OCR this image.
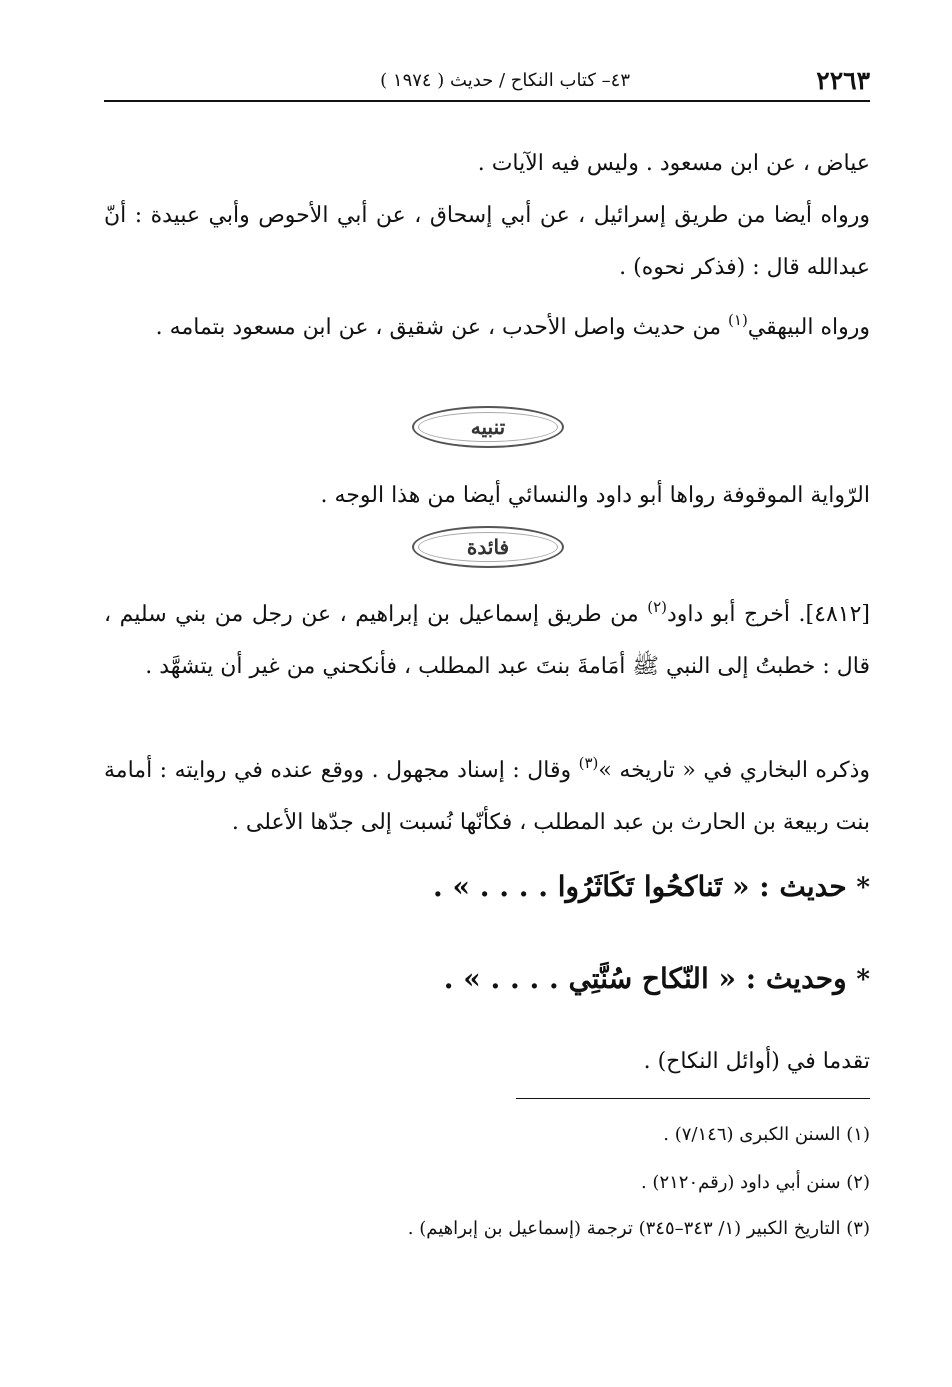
٢٢٦٣
٤٣– كتاب النكاح / حديث ( ١٩٧٤ )
عياض ، عن ابن مسعود . وليس فيه الآيات .
ورواه أيضا من طريق إسرائيل ، عن أبي إسحاق ، عن أبي الأحوص وأبي عبيدة : أنّ عبدالله قال : (فذكر نحوه) .
ورواه البيهقي$^{(١)}$ من حديث واصل الأحدب ، عن شقيق ، عن ابن مسعود بتمامه .
تنبيه
الرّواية الموقوفة رواها أبو داود والنسائي أيضا من هذا الوجه .
فائدة
[٤٨١٢]. أخرج أبو داود$^{(٢)}$ من طريق إسماعيل بن إبراهيم ، عن رجل من بني سليم ، قال : خطبتُ إلى النبي ﷺ أمَامةَ بنتَ عبد المطلب ، فأنكحني من غير أن يتشهَّد .
وذكره البخاري في « تاريخه »$^{(٣)}$ وقال : إسناد مجهول . ووقع عنده في روايته : أمامة بنت ربيعة بن الحارث بن عبد المطلب ، فكأنّها نُسبت إلى جدّها الأعلى .
* حديث : « تَناكحُوا تَكَاثَرُوا . . . . » .
* وحديث : « النّكاح سُنَّتِي . . . . » .
تقدما في (أوائل النكاح) .
(١) السنن الكبرى (٧/١٤٦) .
(٢) سنن أبي داود (رقم٢١٢٠) .
(٣) التاريخ الكبير (١/ ٣٤٣–٣٤٥) ترجمة (إسماعيل بن إبراهيم) .
